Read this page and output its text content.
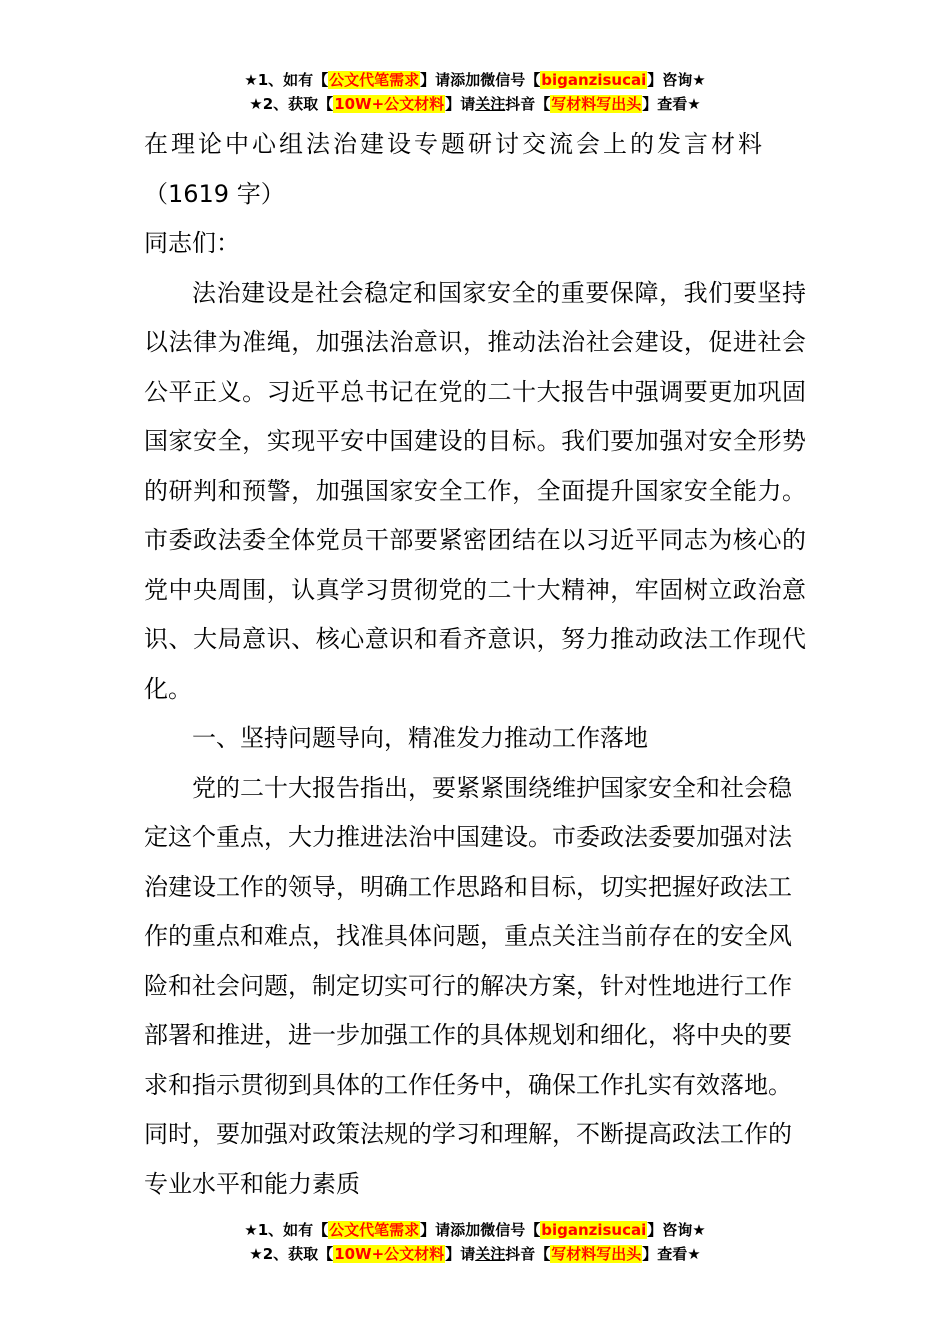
★1、如有【公文代笔需求】请添加微信号【biganzisucai】咨询★
★2、获取【10W+公文材料】请关注抖音【写材料写出头】查看★
在理论中心组法治建设专题研讨交流会上的发言材料
（1619 字）
同志们：
法治建设是社会稳定和国家安全的重要保障，我们要坚持以法律为准绳，加强法治意识，推动法治社会建设，促进社会公平正义。习近平总书记在党的二十大报告中强调要更加巩固国家安全，实现平安中国建设的目标。我们要加强对安全形势的研判和预警，加强国家安全工作，全面提升国家安全能力。市委政法委全体党员干部要紧密团结在以习近平同志为核心的党中央周围，认真学习贯彻党的二十大精神，牢固树立政治意识、大局意识、核心意识和看齐意识，努力推动政法工作现代化。
一、坚持问题导向，精准发力推动工作落地
党的二十大报告指出，要紧紧围绕维护国家安全和社会稳定这个重点，大力推进法治中国建设。市委政法委要加强对法治建设工作的领导，明确工作思路和目标，切实把握好政法工作的重点和难点，找准具体问题，重点关注当前存在的安全风险和社会问题，制定切实可行的解决方案，针对性地进行工作部署和推进，进一步加强工作的具体规划和细化，将中央的要求和指示贯彻到具体的工作任务中，确保工作扎实有效落地。同时，要加强对政策法规的学习和理解，不断提高政法工作的专业水平和能力素质
★1、如有【公文代笔需求】请添加微信号【biganzisucai】咨询★
★2、获取【10W+公文材料】请关注抖音【写材料写出头】查看★
